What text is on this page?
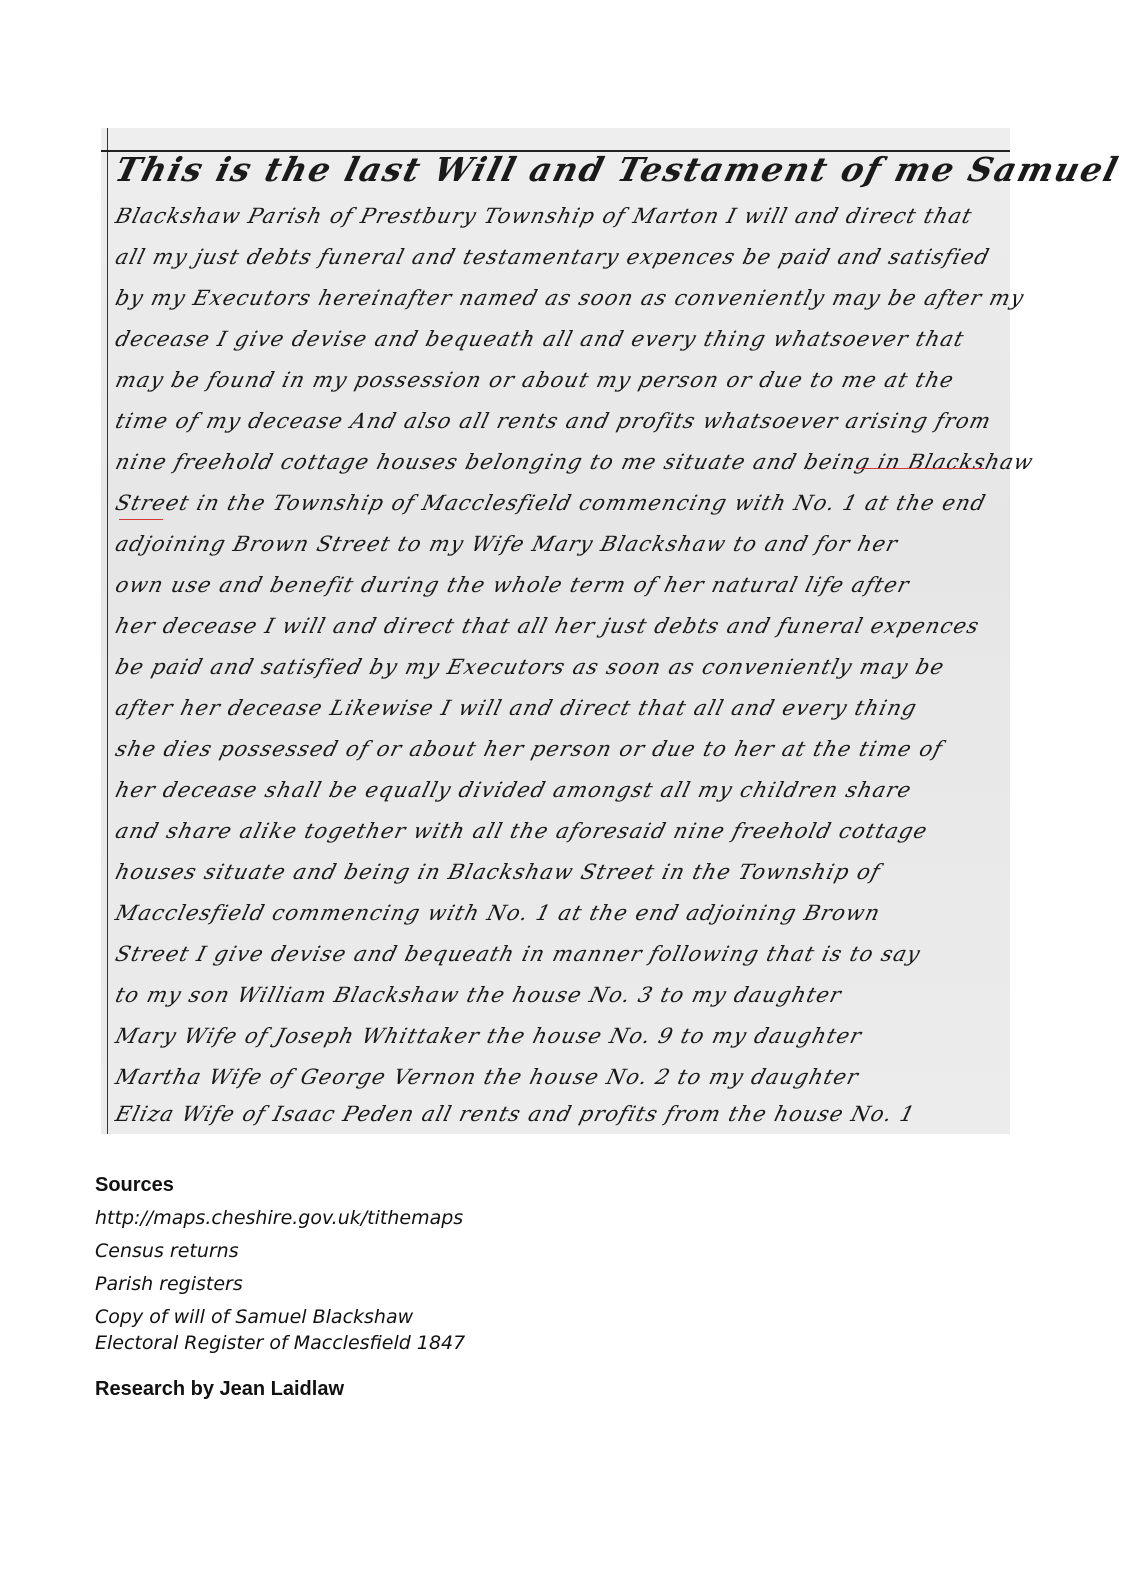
This is the last Will and Testament of me Samuel
Blackshaw Parish of Prestbury Township of Marton I will and direct that
all my just debts funeral and testamentary expences be paid and satisfied
by my Executors hereinafter named as soon as conveniently may be after my
decease I give devise and bequeath all and every thing whatsoever that
may be found in my possession or about my person or due to me at the
time of my decease And also all rents and profits whatsoever arising from
nine freehold cottage houses belonging to me situate and being in Blackshaw
Street in the Township of Macclesfield commencing with No. 1 at the end
adjoining Brown Street to my Wife Mary Blackshaw to and for her
own use and benefit during the whole term of her natural life after
her decease I will and direct that all her just debts and funeral expences
be paid and satisfied by my Executors as soon as conveniently may be
after her decease Likewise I will and direct that all and every thing
she dies possessed of or about her person or due to her at the time of
her decease shall be equally divided amongst all my children share
and share alike together with all the aforesaid nine freehold cottage
houses situate and being in Blackshaw Street in the Township of
Macclesfield commencing with No. 1 at the end adjoining Brown
Street I give devise and bequeath in manner following that is to say
to my son William Blackshaw the house No. 3 to my daughter
Mary Wife of Joseph Whittaker the house No. 9 to my daughter
Martha Wife of George Vernon the house No. 2 to my daughter
Eliza Wife of Isaac Peden all rents and profits from the house No. 1
Sources
http://maps.cheshire.gov.uk/tithemaps
Census returns
Parish registers
Copy of will of Samuel Blackshaw
Electoral Register of Macclesfield 1847
Research by Jean Laidlaw
